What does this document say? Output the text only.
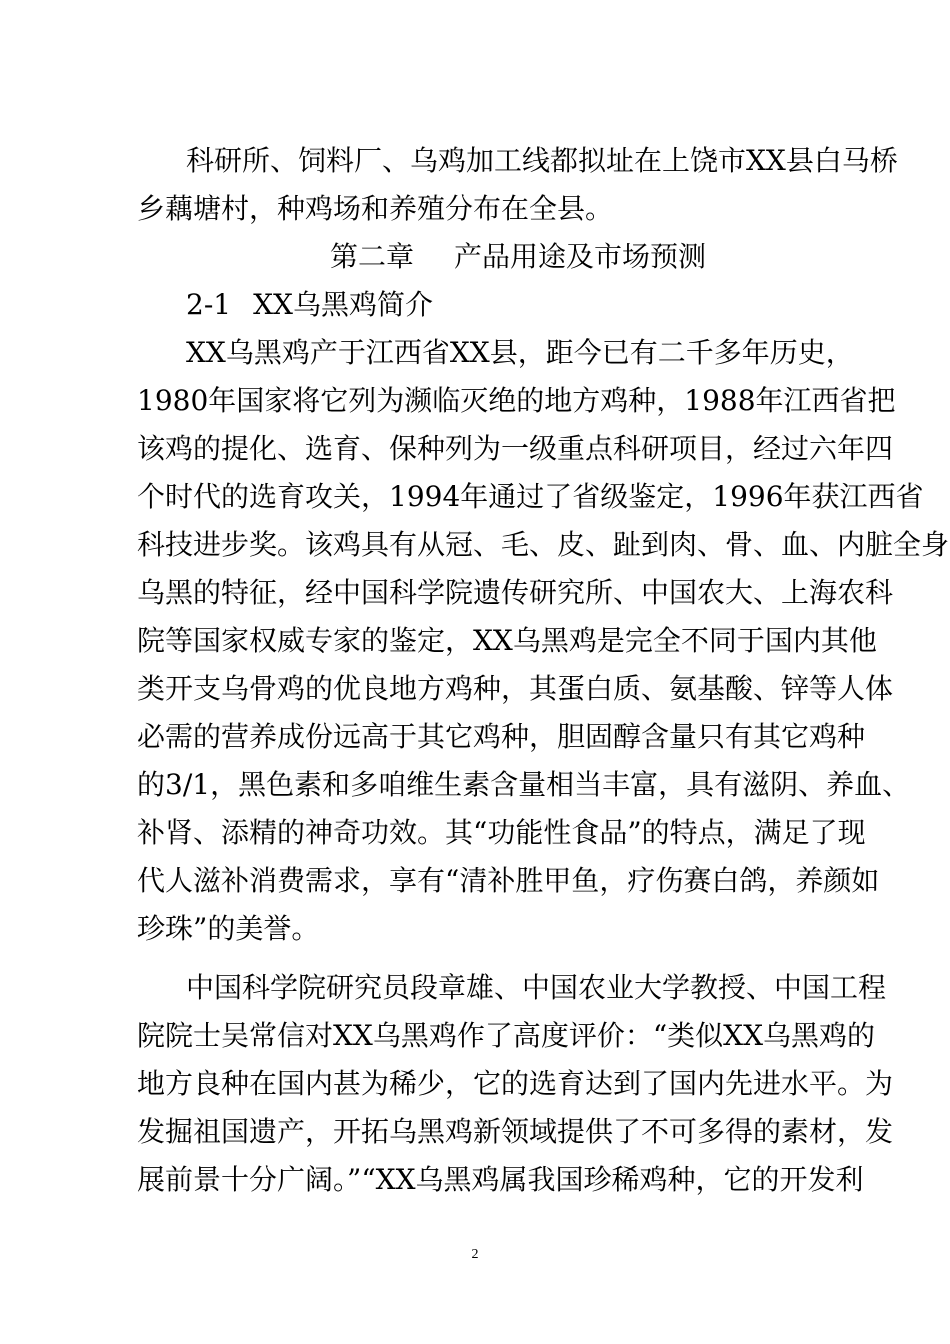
科研所、饲料厂、乌鸡加工线都拟址在上饶市XX县白马桥
乡藕塘村，种鸡场和养殖分布在全县。
第二章 产品用途及市场预测
2-1 XX乌黑鸡简介
XX乌黑鸡产于江西省XX县，距今已有二千多年历史，
1980年国家将它列为濒临灭绝的地方鸡种，1988年江西省把
该鸡的提化、选育、保种列为一级重点科研项目，经过六年四
个时代的选育攻关，1994年通过了省级鉴定，1996年获江西省
科技进步奖。该鸡具有从冠、毛、皮、趾到肉、骨、血、内脏全身
乌黑的特征，经中国科学院遗传研究所、中国农大、上海农科
院等国家权威专家的鉴定，XX乌黑鸡是完全不同于国内其他
类开支乌骨鸡的优良地方鸡种，其蛋白质、氨基酸、锌等人体
必需的营养成份远高于其它鸡种，胆固醇含量只有其它鸡种
的3/1，黑色素和多咱维生素含量相当丰富，具有滋阴、养血、
补肾、添精的神奇功效。其“功能性食品”的特点，满足了现
代人滋补消费需求，享有“清补胜甲鱼，疗伤赛白鸽，养颜如
珍珠”的美誉。
中国科学院研究员段章雄、中国农业大学教授、中国工程
院院士吴常信对XX乌黑鸡作了高度评价：“类似XX乌黑鸡的
地方良种在国内甚为稀少，它的选育达到了国内先进水平。为
发掘祖国遗产，开拓乌黑鸡新领域提供了不可多得的素材，发
展前景十分广阔。”“XX乌黑鸡属我国珍稀鸡种，它的开发利
2
